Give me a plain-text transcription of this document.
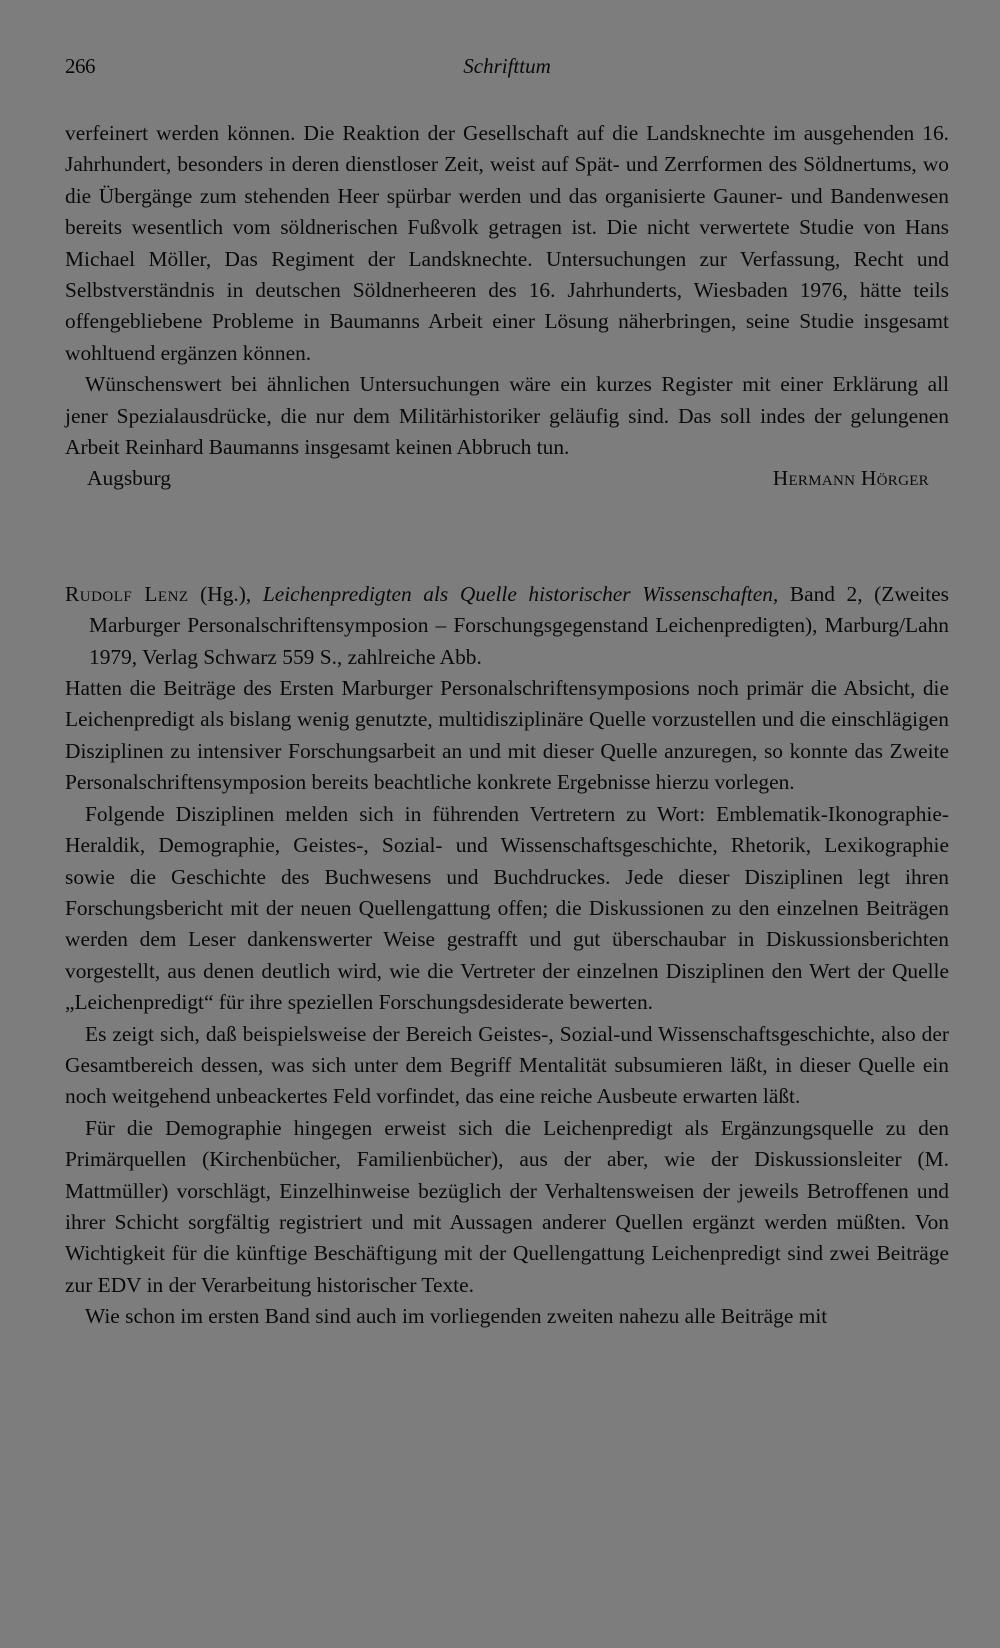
266	Schrifttum

verfeinert werden können. Die Reaktion der Gesellschaft auf die Landsknechte im ausgehenden 16. Jahrhundert, besonders in deren dienstloser Zeit, weist auf Spät- und Zerrformen des Söldnertums, wo die Übergänge zum stehenden Heer spürbar werden und das organisierte Gauner- und Bandenwesen bereits wesentlich vom söldnerischen Fußvolk getragen ist. Die nicht verwertete Studie von Hans Michael Möller, Das Regiment der Landsknechte. Untersuchungen zur Verfassung, Recht und Selbstverständnis in deutschen Söldnerheeren des 16. Jahrhunderts, Wiesbaden 1976, hätte teils offengebliebene Probleme in Baumanns Arbeit einer Lösung näherbringen, seine Studie insgesamt wohltuend ergänzen können.

Wünschenswert bei ähnlichen Untersuchungen wäre ein kurzes Register mit einer Erklärung all jener Spezialausdrücke, die nur dem Militärhistoriker geläufig sind. Das soll indes der gelungenen Arbeit Reinhard Baumanns insgesamt keinen Abbruch tun.

Augsburg	Hermann Hörger
Rudolf Lenz (Hg.), Leichenpredigten als Quelle historischer Wissenschaften, Band 2, (Zweites Marburger Personalschriftensymposion – Forschungsgegenstand Leichenpredigten), Marburg/Lahn 1979, Verlag Schwarz 559 S., zahlreiche Abb.

Hatten die Beiträge des Ersten Marburger Personalschriftensymposions noch primär die Absicht, die Leichenpredigt als bislang wenig genutzte, multidisziplinäre Quelle vorzustellen und die einschlägigen Disziplinen zu intensiver Forschungsarbeit an und mit dieser Quelle anzuregen, so konnte das Zweite Personalschriftensymposion bereits beachtliche konkrete Ergebnisse hierzu vorlegen.

Folgende Disziplinen melden sich in führenden Vertretern zu Wort: Emblematik-Ikonographie-Heraldik, Demographie, Geistes-, Sozial- und Wissenschaftsgeschichte, Rhetorik, Lexikographie sowie die Geschichte des Buchwesens und Buchdruckes. Jede dieser Disziplinen legt ihren Forschungsbericht mit der neuen Quellengattung offen; die Diskussionen zu den einzelnen Beiträgen werden dem Leser dankenswerter Weise gestrafft und gut überschaubar in Diskussionsberichten vorgestellt, aus denen deutlich wird, wie die Vertreter der einzelnen Disziplinen den Wert der Quelle „Leichenpredigt“ für ihre speziellen Forschungsdesiderate bewerten.

Es zeigt sich, daß beispielsweise der Bereich Geistes-, Sozial-und Wissenschaftsgeschichte, also der Gesamtbereich dessen, was sich unter dem Begriff Mentalität subsumieren läßt, in dieser Quelle ein noch weitgehend unbeackertes Feld vorfindet, das eine reiche Ausbeute erwarten läßt.

Für die Demographie hingegen erweist sich die Leichenpredigt als Ergänzungsquelle zu den Primärquellen (Kirchenbücher, Familienbücher), aus der aber, wie der Diskussionsleiter (M. Mattmüller) vorschlägt, Einzelhinweise bezüglich der Verhaltensweisen der jeweils Betroffenen und ihrer Schicht sorgfältig registriert und mit Aussagen anderer Quellen ergänzt werden müßten. Von Wichtigkeit für die künftige Beschäftigung mit der Quellengattung Leichenpredigt sind zwei Beiträge zur EDV in der Verarbeitung historischer Texte.

Wie schon im ersten Band sind auch im vorliegenden zweiten nahezu alle Beiträge mit
